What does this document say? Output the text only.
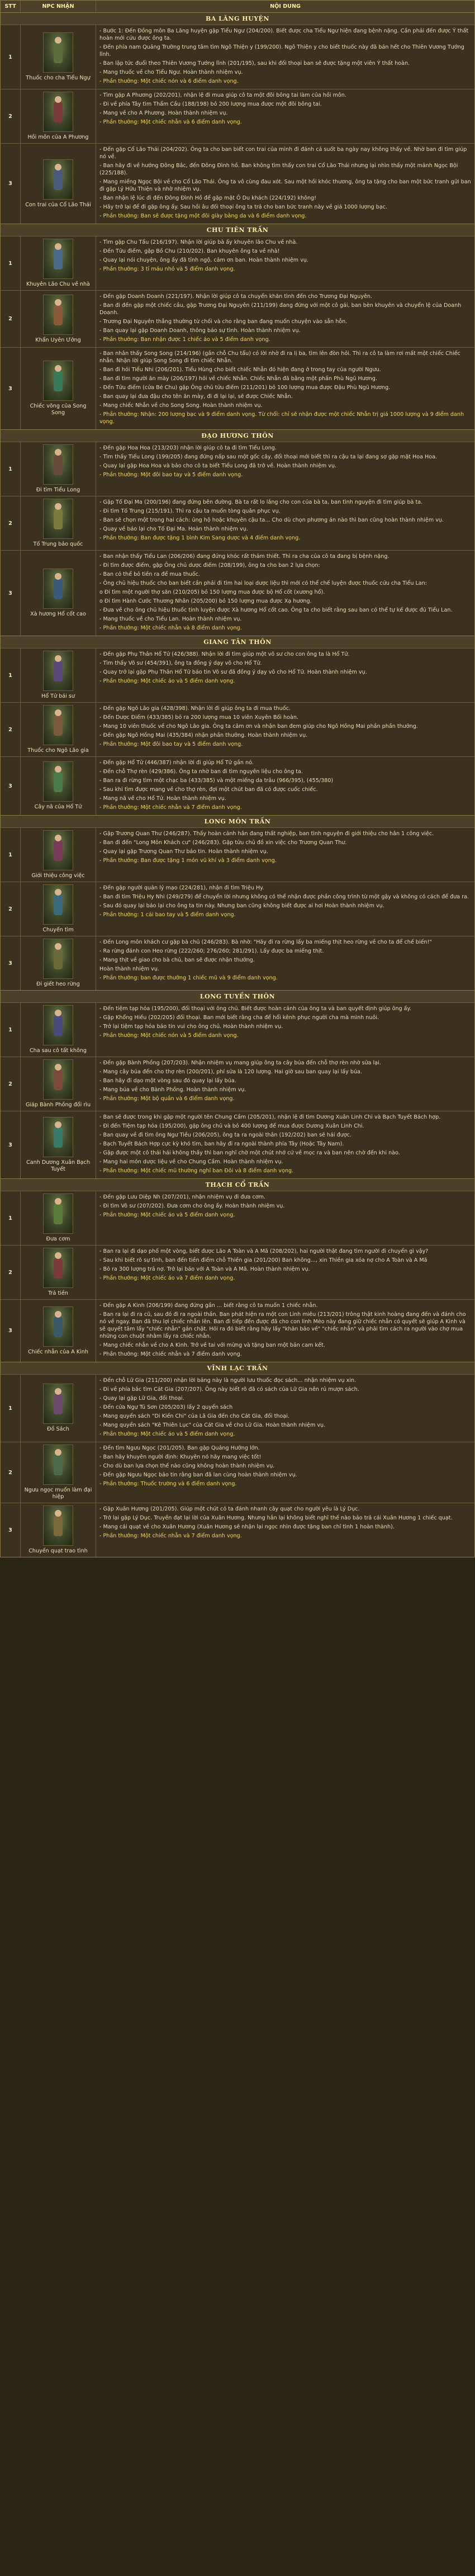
STT	NPC NHẬN	NỘI DUNG
BA LĂNG HUYỆN
1
Thuốc cho cha Tiểu Ngự

- Bước 1: Đến Đồng môn Ba Lăng huyện gặp Tiểu Ngư (204/200). Biết được cha Tiểu Ngư hiện đang bệnh nặng. Cần phải đến được Ý thất hoàn mới cứu được ông ta.

- Đến phía nam Quảng Trường trung tâm tìm Ngô Thiện y (199/200). Ngô Thiện y cho biết thuốc này đã bán hết cho Thiên Vương Tướng lĩnh.

- Ban lập tức đuổi theo Thiên Vương Tướng lĩnh (201/195), sau khi đối thoại ban sẽ được tặng một viên Ý thất hoàn.

- Mang thuốc về cho Tiểu Ngư. Hoàn thành nhiệm vụ.

- Phần thưởng: Một chiếc nón và 6 điểm danh vọng.

2
Hồi môn của A Phương

- Tìm gặp A Phương (202/201), nhận lệ đi mua giúp cô ta một đôi bông tai làm của hồi môn.

- Đi về phía Tây tìm Thẩm Cầu (188/198) bỏ 200 lượng mua được một đôi bông tai.

- Mang về cho A Phương. Hoàn thành nhiệm vụ.

- Phần thưởng: Một chiếc nhẫn và 6 điểm danh vọng.

3
Con trai của Cổ Lão Thái

- Đến gặp Cổ Lão Thái (204/202). Ông ta cho ban biết con trai của mình đi đánh cá suốt ba ngày nay không thấy về. Nhờ ban đi tìm giúp nó về.

- Ban hãy đi về hướng Đông Bắc, đến Đông Đình hồ. Ban không tìm thấy con trai Cổ Lão Thái nhưng lại nhìn thấy một mảnh Ngọc Bội (225/188).

- Mang miếng Ngọc Bội về cho Cổ Lão Thái. Ông ta vô cùng đau xót. Sau một hồi khóc thương, ông ta tặng cho ban một bức tranh gửi ban đi gặp Lý Hữu Thiện và nhờ nhiệm vụ.

- Ban nhận lệ lúc đi đến Đông Đình Hồ để gặp mặt Ô Du khách (224/192) không!

- Hãy trở lại để đi gặp ông ấy. Sau hồi âu đối thoại ông ta trả cho ban bức tranh này về giá 1000 lượng bạc.

- Phần thưởng: Ban sẽ được tặng một đôi giày bằng da và 6 điểm danh vọng.

CHU TIÊN TRẤN
1
Khuyên Lão Chu về nhà

- Tìm gặp Chu Tẩu (216/197). Nhận lời giúp bà ấy khuyên lão Chu về nhà.

- Đến Tửu điếm, gặp Bồ Chu (210/202). Ban khuyên ông ta về nhà!

- Quay lại nói chuyện, ông ấy đã tỉnh ngộ, cảm ơn ban. Hoàn thành nhiệm vụ.

- Phần thưởng: 3 tỉ máu nhỏ và 5 điểm danh vọng.

2
Khẩn Uyên Ưởng

- Đến gặp Doanh Doanh (221/197). Nhận lời giúp cô ta chuyển khăn tình đến cho Trương Đại Nguyên.

- Ban đi đến gặp một chiếc cầu, gặp Trương Đại Nguyên (211/199) đang đứng với một cô gái, ban bèn khuyên và chuyển lệ của Doanh Doanh.

- Trương Đại Nguyên thẳng thường từ chối và cho rằng ban đang muốn chuyện vào sẵn hỗn.

- Ban quay lại gặp Doanh Doanh, thông báo sự tình. Hoàn thành nhiệm vụ.

- Phần thưởng: Ban nhận được 1 chiếc áo và 5 điểm danh vọng.

3
Chiếc võng của Song Song

- Ban nhân thấy Song Song (214/196) (gần chỗ Chu tẩu) có lời nhờ đi ra lị ba, tìm lên đòn hỏi. Thì ra cô ta làm rơi mất một chiếc Chiếc nhẫn. Nhận lời giúp Song Song đi tìm chiếc Nhẫn.

- Ban đi hỏi Tiểu Nhi (206/201). Tiểu Hùng cho biết chiếc Nhẫn đó hiện đang ở trong tay của người Ngưu.

- Ban đi tìm người ăn mày (206/197) hỏi về chiếc Nhẫn. Chiếc Nhẫn đã bằng một phần Phù Ngũ Hương.

- Đến Tửu điếm (cửa Bé Chu) gặp Ông chủ tửu điếm (211/201) bỏ 100 lượng mua được Đậu Phù Ngũ Hương.

- Ban quay lại đưa đậu cho tên ăn mày, đi đi lại lại, sẽ được Chiếc Nhẫn.

- Mang chiếc Nhẫn về cho Song Song. Hoàn thành nhiệm vụ.

- Phần thưởng: Nhận: 200 lượng bạc và 9 điểm danh vọng. Từ chối: chỉ sẽ nhận được một chiếc Nhẫn trị giá 1000 lượng và 9 điểm danh vọng.

ĐẠO HƯƠNG THÔN
1
Đi tìm Tiểu Long

- Đến gặp Hoa Hoa (213/203) nhận lời giúp cô ta đi tìm Tiểu Long.

- Tìm thấy Tiểu Long (199/205) đang đứng nấp sau một gốc cây, đối thoại mới biết thì ra cậu ta lại đang sợ gặp mặt Hoa Hoa.

- Quay lại gặp Hoa Hoa và bảo cho cô ta biết Tiểu Long đã trở về. Hoàn thành nhiệm vụ.

- Phần thưởng: Một đôi bao tay và 5 điểm danh vọng.

2
Tố Trung bảo quốc

- Gặp Tố Đại Ma (200/196) đang đứng bên đường. Bà ta rất lo lắng cho con của bà ta, ban tình nguyện đi tìm giúp bà ta.

- Đi tìm Tố Trung (215/191). Thì ra cậu ta muốn tòng quân phục vụ.

- Ban sẽ chọn một trong hai cách: ủng hộ hoặc khuyên cậu ta... Cho dù chọn phương án nào thì ban cũng hoàn thành nhiệm vụ.

- Quay về báo lại cho Tố Đại Ma. Hoàn thành nhiệm vụ.

- Phần thưởng: Ban được tặng 1 bình Kim Sang dược và 4 điểm danh vọng.

3
Xà hương Hổ cốt cao

- Ban nhận thấy Tiểu Lan (206/206) đang đứng khóc rất thảm thiết. Thì ra cha của cô ta đang bị bệnh nặng.

- Đi tìm được điếm, gặp Ông chủ dược điếm (208/199), ông ta cho ban 2 lựa chọn:

- Ban có thể bỏ tiền ra để mua thuốc.

- Ông chủ hiệu thuốc cho ban biết cần phải đi tìm hai loại dược liệu thì mới có thể chế luyện được thuốc cứu cha Tiểu Lan:

o Đi tìm một người thợ săn (210/205) bỏ 150 lượng mua được bộ Hổ cốt (xương hổ).

o Đi tìm Hành Cước Thương Nhân (205/200) bỏ 150 lượng mua được Xạ hương.

- Đưa về cho ông chủ hiệu thuốc tinh luyện được Xà hương Hổ cốt cao. Ông ta cho biết rằng sau ban có thể tự kế được đủ Tiểu Lan.

- Mang thuốc về cho Tiểu Lan. Hoàn thành nhiệm vụ.

- Phần thưởng: Một chiếc nhẫn và 8 điểm danh vọng.

GIANG TÂN THÔN
1
Hổ Tử bái sư

- Đến gặp Phụ Thân Hổ Tử (426/388). Nhận lời đi tìm giúp một võ sư cho con ông ta là Hổ Tử.

- Tìm thấy Võ sư (454/391), ông ta đồng ý dạy võ cho Hổ Tử.

- Quay trở lại gặp Phụ Thân Hổ Tử báo tin Võ sư đã đồng ý dạy võ cho Hổ Tử. Hoàn thành nhiệm vụ.

- Phần thưởng: Một chiếc áo và 5 điểm danh vọng.

2
Thuốc cho Ngô Lão gia

- Đến gặp Ngô Lão gia (428/398). Nhận lời đi giúp ông ta đi mua thuốc.

- Đến Dược Điếm (433/385) bỏ ra 200 lượng mua 10 viên Xuyên Bối hoàn.

- Mang 10 viên thuốc về cho Ngô Lão gia. Ông ta cảm ơn và nhận ban đem giúp cho Ngô Hồng Mai phần phần thưởng.

- Đến gặp Ngô Hồng Mai (435/384) nhận phần thưởng. Hoàn thành nhiệm vụ.

- Phần thưởng: Một đôi bao tay và 5 điểm danh vọng.

3
Cây nã của Hổ Tử

- Đến gặp Hổ Tử (446/387) nhận lời đi giúp Hổ Tử gần nó.

- Đến chỗ Thợ rèn (429/386). Ông ta nhờ ban đi tìm nguyên liệu cho ông ta.

- Ban ra đi rừng tìm một chạc ba (433/385) và một miếng da trâu (966/395), (455/380)

- Sau khi tìm được mang về cho thợ rèn, đợi một chút ban đã có được cuốc chiếc.

- Mang nã về cho Hổ Tử. Hoàn thành nhiệm vụ.

- Phần thưởng: Một chiếc nhẫn và 7 điểm danh vọng.

LONG MÔN TRẤN
1
Giới thiệu công việc

- Gặp Trương Quan Thư (246/287). Thấy hoàn cảnh hắn đang thất nghiệp, ban tình nguyện đi giới thiệu cho hắn 1 công việc.

- Ban đi đến "Long Môn Khách cư" (246/283). Gặp tửu chủ đồ xin việc cho Trương Quan Thư.

- Quay lại gặp Trương Quan Thư báo tin. Hoàn thành nhiệm vụ.

- Phần thưởng: Ban được tặng 1 món vũ khí và 3 điểm danh vọng.

2
Chuyến tìm

- Đến gặp người quản lý mạo (224/281), nhận đi tìm Triệu Hy.

- Ban đi tìm Triệu Hy Nhi (249/279) để chuyển lời nhưng không có thể nhận được phần công trình từ một gậy và không có cách để đưa ra.

- Sau đó quay lại báo lại cho ông ta tin này. Nhưng ban cũng không biết được ai hơi Hoàn thành nhiệm vụ.

- Phần thưởng: 1 cái bao tay và 5 điểm danh vọng.

3
Đi giết heo rừng

- Đến Long môn khách cư gặp bà chủ (246/283). Bà nhờ: "Hãy đi ra rừng lấy ba miếng thịt heo rừng về cho ta để chế biến!"

- Ra rừng đánh con Heo rừng (222/260; 276/260; 281/291). Lấy được ba miếng thịt.

- Mang thịt về giao cho bà chủ, ban sẽ được nhận thưởng.

Hoàn thành nhiệm vụ.

- Phần thưởng: ban được thưởng 1 chiếc mũ và 9 điểm danh vọng.

LONG TUYỀN THÔN
1
Cha sau cô tất không

- Đến tiệm tạp hóa (195/200), đối thoại với ông chủ. Biết được hoàn cảnh của ông ta và ban quyết định giúp ông ấy.

- Gặp Khổng Hiếu (202/205) đối thoại. Ban mới biết rằng cha để hổi kênh phục người cha mà mình nuôi.

- Trở lại tiệm tạp hóa báo tin vui cho ông chủ. Hoàn thành nhiệm vụ.

- Phần thưởng: Một chiếc nón và 5 điểm danh vọng.

2
Giáp Bành Phồng đổi rìu

- Đến gặp Bành Phồng (207/203). Nhận nhiệm vụ mang giúp ông ta cây búa đến chỗ thợ rèn nhờ sửa lại.

- Mang cây búa đến cho thợ rèn (200/201), phí sửa là 120 lượng. Hai giờ sau ban quay lại lấy búa.

- Ban hãy đi dạo một vòng sau đó quay lại lấy búa.

- Mang búa về cho Bành Phồng. Hoàn thành nhiệm vụ.

- Phần thưởng: Một bộ quần và 6 điểm danh vọng.

3
Canh Dương Xuân Bạch Tuyết

- Ban sẽ được trong khi gặp một người tên Chung Cầm (205/201), nhận lệ đi tìm Dương Xuân Linh Chi và Bạch Tuyết Bách hợp.

- Đi đến Tiệm tạp hóa (195/200), gặp ông chủ và bỏ 400 lượng để mua được Dương Xuân Linh Chi.

- Ban quay về đi tìm ông Ngư Tiều (206/205), ông ta ra ngoài thân (192/202) ban sẽ hái được.

- Bạch Tuyết Bách Hợp cực kỳ khó tìm, ban hãy đi ra ngoài thành phía Tây (Hoặc Tây Nam).

- Gặp được một cô thái hái không thấy thì ban nghĩ chờ một chút nhớ cứ về mọc ra và ban nên chờ đến khi nào.

- Mang hai món dược liệu về cho Chung Cầm. Hoàn thành nhiệm vụ.

- Phần thưởng: Một chiếc mũ thường nghĩ ban Đôi và 8 điểm danh vọng.

THẠCH CỔ TRẤN
1
Đưa cơm

- Đến gặp Lưu Diệp Nh (207/201), nhận nhiệm vụ đi đưa cơm.

- Đi tìm Vô sư (207/202). Đưa cơm cho ông ấy. Hoàn thành nhiệm vụ.

- Phần thưởng: Một chiếc áo và 5 điểm danh vọng.

2
Trả tiền

- Ban ra lại đi dạo phố một vòng, biết được Lão A Toàn và A Mã (208/202), hai người thật đang tìm người đi chuyển gì vậy?

- Sau khi biết rõ sự tình, ban đến tiền điểm chỗ Thiền gia (201/200) Ban không..., xin Thiền gia xóa nợ cho A Toàn và A Mã

- Bỏ ra 300 lượng trả nợ. Trở lại báo với A Toàn và A Mã. Hoàn thành nhiệm vụ.

- Phần thưởng: Một chiếc áo và 7 điểm danh vọng.

3
Chiếc nhẫn của A Kinh

- Đến gặp A Kinh (206/199) đang đứng gần ... biết rằng cô ta muốn 1 chiếc nhẫn.

- Ban ra lại đi ra cũ, sau đó đi ra ngoài thần. Ban phát hiện ra một con Linh miêu (213/201) trông thật kinh hoàng đang đến và đánh cho nó về ngay. Ban đã thu lợi chiếc nhẫn lên. Ban đi tiếp đến được đã cho con linh Mèo này đang giữ chiếc nhẫn có quyết sẽ giúp A Kinh và sẽ quyết tâm lấy "chiếc nhẫn" gắn chặt. Hỏi ra đó biết rằng hãy lấy "khăn bảo về" "chiếc nhẫn" và phải tìm cách ra người vào chợ mua những con chuột nhằm lấy ra chiếc nhẫn.

- Mang chiếc nhẫn về cho A Kinh. Trở về tai với mừng và tặng ban một bản cam kết.

- Phần thưởng: Một chiếc nhẫn và 7 điểm danh vọng.

VĨNH LẠC TRẤN
1
Đồ Sách

- Đến chỗ Lữ Gia (211/200) nhận lời bảng này là người lưu thuốc đọc sách... nhận nhiệm vụ xin.

- Đi về phía bắc tìm Cát Gia (207/207). Ông này biết rõ đã có sách của Lữ Gia nên rủ mượn sách.

- Quay lại gặp Lữ Gia, đối thoại.

- Đến cửa Ngự Tú Sơn (205/203) lấy 2 quyển sách

- Mang quyển sách "Di Kiến Chi" của Lã Gia đến cho Cát Gia, đối thoại.

- Mang quyển sách "Kê Thiên Lục" của Cát Gia về cho Lữ Gia. Hoàn thành nhiệm vụ.

- Phần thưởng: Một chiếc áo và 5 điểm danh vọng.

2
Ngưu ngọc muốn làm đại hiệp

- Đến tìm Ngưu Ngọc (201/205). Ban gặp Quảng Hưởng lớn.

- Ban hãy khuyên người định: Khuyên nó hãy mang việc tốt!

- Cho dù ban lựa chọn thế nào cũng không hoàn thành nhiệm vụ.

- Đến gặp Ngưu Ngọc bảo tin rằng ban đã lan cùng hoàn thành nhiệm vụ.

- Phần thưởng: Thuốc trường và 6 điểm danh vọng.

3
Chuyến quạt trao tình

- Gặp Xuân Hương (201/205). Giúp một chút có ta đánh nhanh cây quạt cho người yêu là Lý Dục.

- Trở lại gặp Lý Dục. Truyền đạt lại lời của Xuân Hương. Nhưng hắn lại không biết nghĩ thế nào bảo trả cái Xuân Hương 1 chiếc quạt.

- Mang cái quạt về cho Xuân Hương (Xuân Hương sẽ nhận lại ngọc nhìn được tặng ban chỉ tình 1 hoàn thành).

- Phần thưởng: Một chiếc nhẫn và 7 điểm danh vọng.
